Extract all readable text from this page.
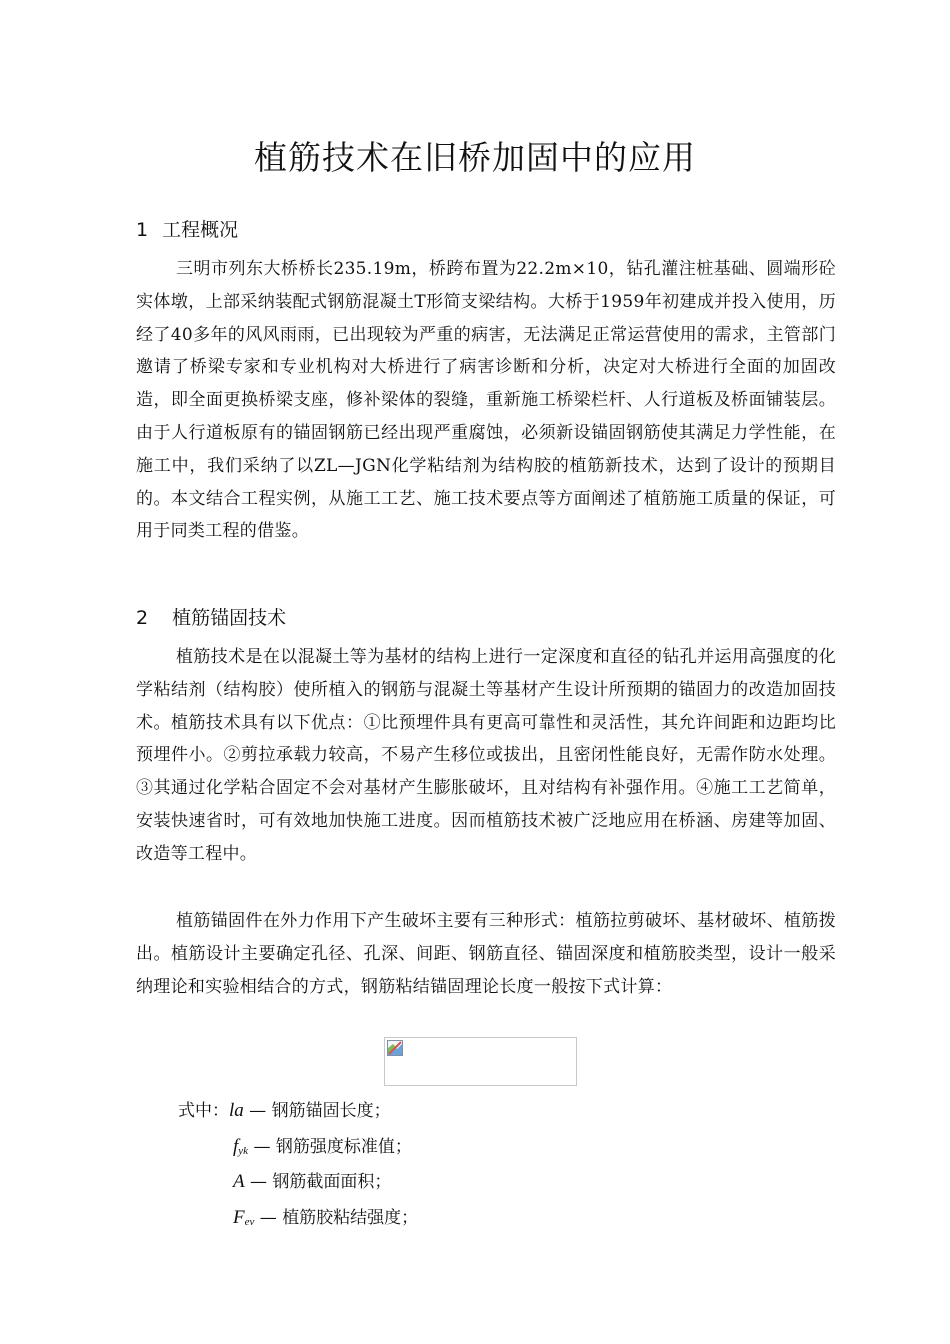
植筋技术在旧桥加固中的应用
1 工程概况

三明市列东大桥桥长235.19m，桥跨布置为22.2m×10，钻孔灌注桩基础、圆端形砼实体墩，上部采纳装配式钢筋混凝土T形简支梁结构。大桥于1959年初建成并投入使用，历经了40多年的风风雨雨，已出现较为严重的病害，无法满足正常运营使用的需求，主管部门邀请了桥梁专家和专业机构对大桥进行了病害诊断和分析，决定对大桥进行全面的加固改造，即全面更换桥梁支座，修补梁体的裂缝，重新施工桥梁栏杆、人行道板及桥面铺装层。由于人行道板原有的锚固钢筋已经出现严重腐蚀，必须新设锚固钢筋使其满足力学性能，在施工中，我们采纳了以ZL—JGN化学粘结剂为结构胶的植筋新技术，达到了设计的预期目的。本文结合工程实例，从施工工艺、施工技术要点等方面阐述了植筋施工质量的保证，可用于同类工程的借鉴。

2 植筋锚固技术

植筋技术是在以混凝土等为基材的结构上进行一定深度和直径的钻孔并运用高强度的化学粘结剂（结构胶）使所植入的钢筋与混凝土等基材产生设计所预期的锚固力的改造加固技术。植筋技术具有以下优点：①比预埋件具有更高可靠性和灵活性，其允许间距和边距均比预埋件小。②剪拉承载力较高，不易产生移位或拔出，且密闭性能良好，无需作防水处理。③其通过化学粘合固定不会对基材产生膨胀破坏，且对结构有补强作用。④施工工艺简单，安装快速省时，可有效地加快施工进度。因而植筋技术被广泛地应用在桥涵、房建等加固、改造等工程中。

植筋锚固件在外力作用下产生破坏主要有三种形式：植筋拉剪破坏、基材破坏、植筋拨出。植筋设计主要确定孔径、孔深、间距、钢筋直径、锚固深度和植筋胶类型，设计一般采纳理论和实验相结合的方式，钢筋粘结锚固理论长度一般按下式计算：

式中：la — 钢筋锚固长度；
$f_{yk}$ — 钢筋强度标准值；
A — 钢筋截面面积；
$F_{ev}$ — 植筋胶粘结强度；
